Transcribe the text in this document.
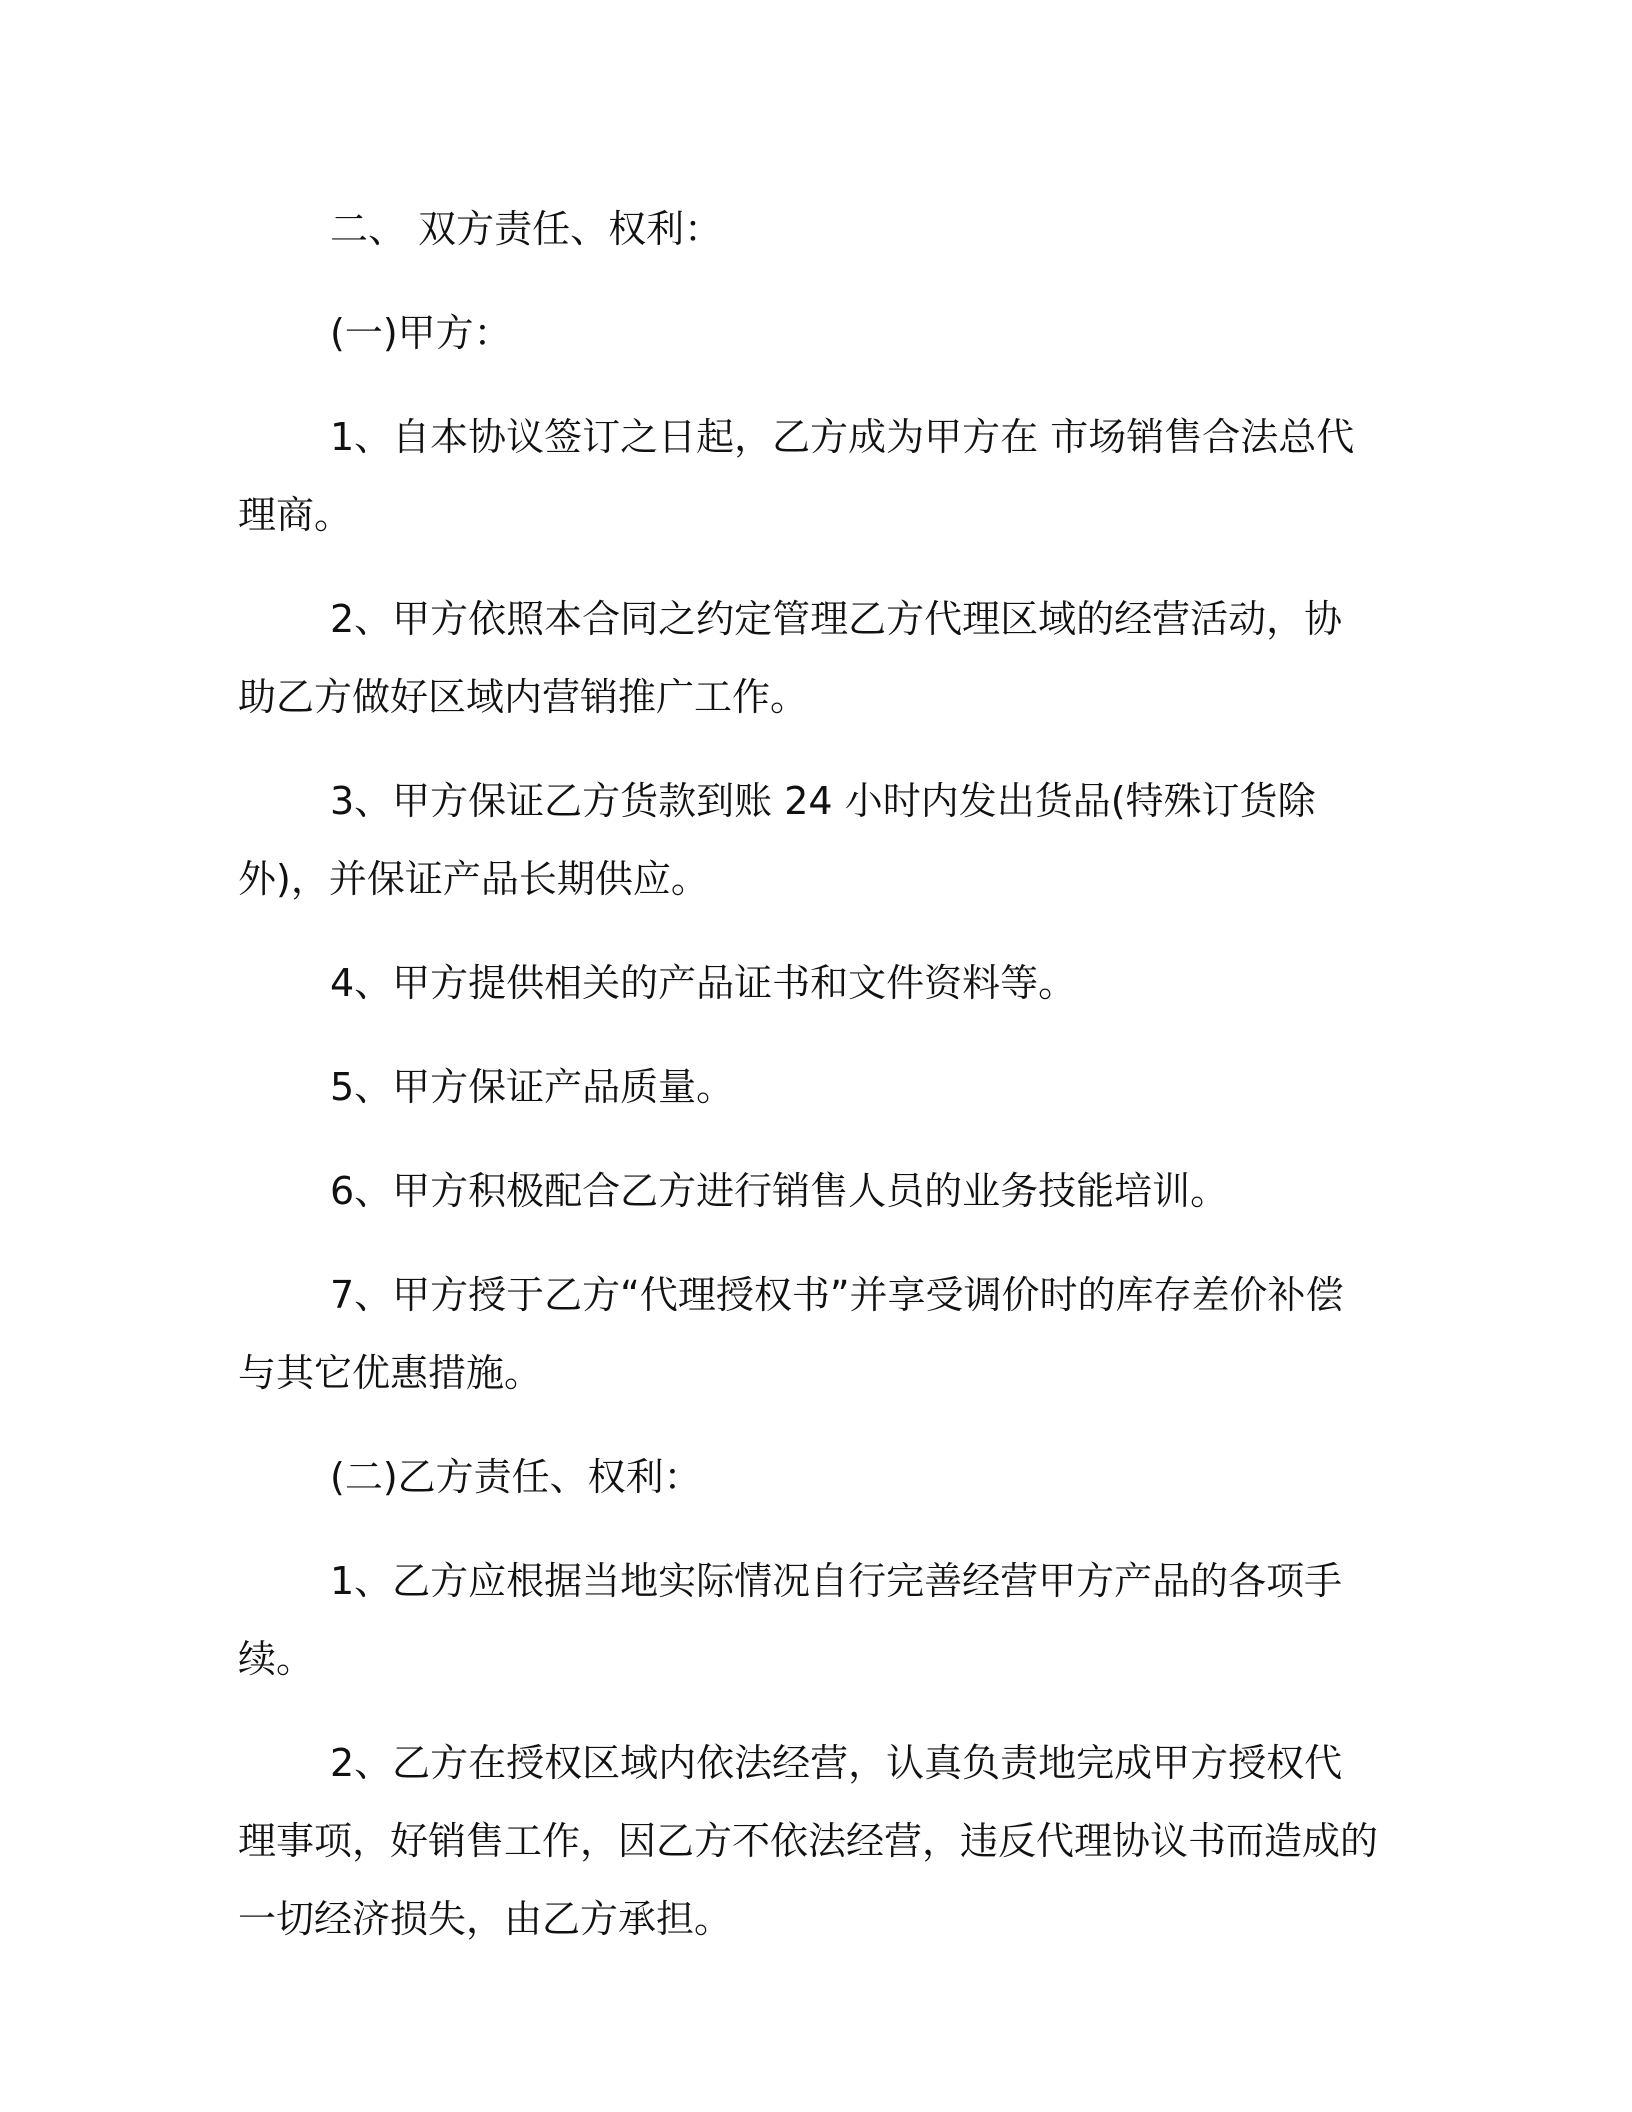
二、 双方责任、权利：

(一)甲方：

1、自本协议签订之日起，乙方成为甲方在 市场销售合法总代理商。

2、甲方依照本合同之约定管理乙方代理区域的经营活动，协助乙方做好区域内营销推广工作。

3、甲方保证乙方货款到账 24 小时内发出货品(特殊订货除外)，并保证产品长期供应。

4、甲方提供相关的产品证书和文件资料等。

5、甲方保证产品质量。

6、甲方积极配合乙方进行销售人员的业务技能培训。

7、甲方授于乙方“代理授权书”并享受调价时的库存差价补偿与其它优惠措施。

(二)乙方责任、权利：

1、乙方应根据当地实际情况自行完善经营甲方产品的各项手续。

2、乙方在授权区域内依法经营，认真负责地完成甲方授权代理事项，好销售工作，因乙方不依法经营，违反代理协议书而造成的一切经济损失，由乙方承担。
